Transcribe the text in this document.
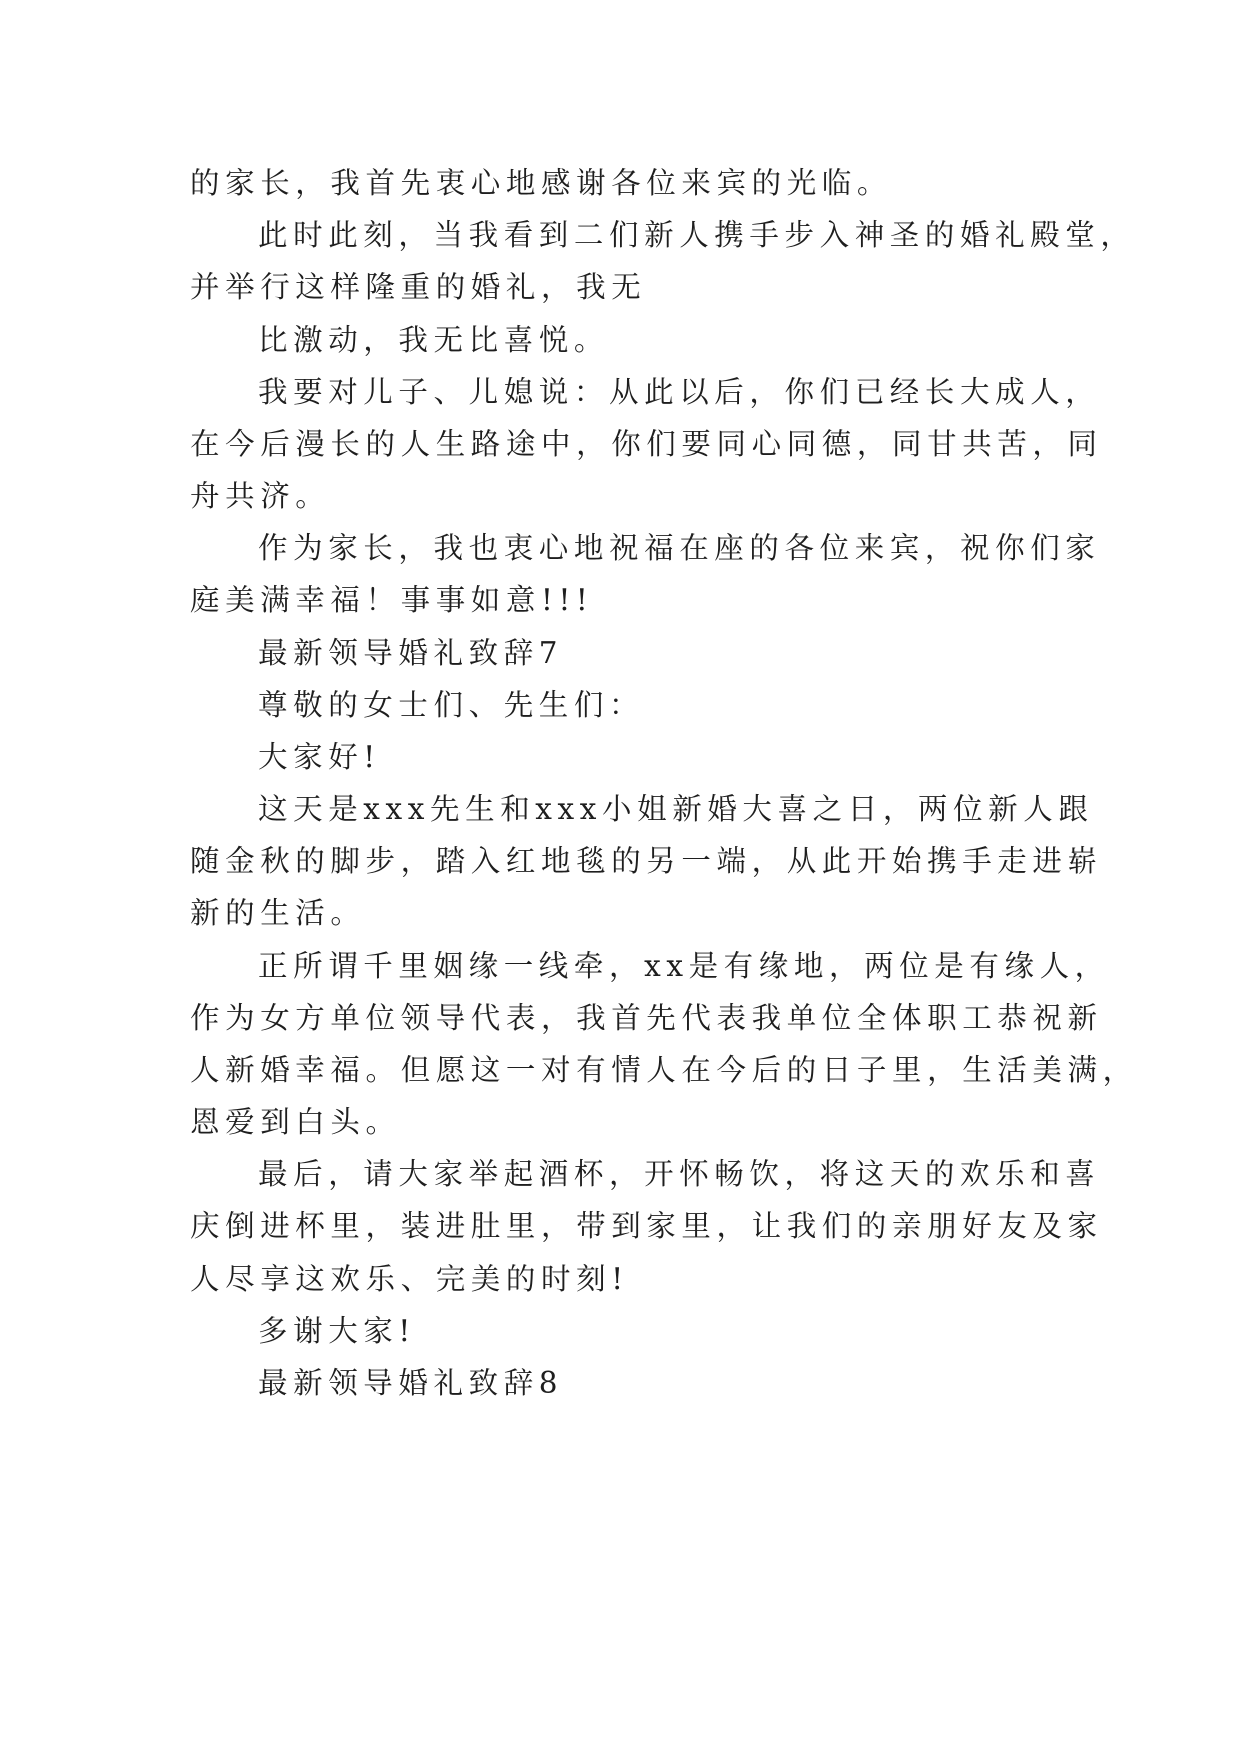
的家长，我首先衷心地感谢各位来宾的光临。
此时此刻，当我看到二们新人携手步入神圣的婚礼殿堂，
并举行这样隆重的婚礼，我无
比激动，我无比喜悦。
我要对儿子、儿媳说：从此以后，你们已经长大成人，
在今后漫长的人生路途中，你们要同心同德，同甘共苦，同
舟共济。
作为家长，我也衷心地祝福在座的各位来宾，祝你们家
庭美满幸福！事事如意!!!
最新领导婚礼致辞7
尊敬的女士们、先生们：
大家好!
这天是xxx先生和xxx小姐新婚大喜之日，两位新人跟
随金秋的脚步，踏入红地毯的另一端，从此开始携手走进崭
新的生活。
正所谓千里姻缘一线牵，xx是有缘地，两位是有缘人，
作为女方单位领导代表，我首先代表我单位全体职工恭祝新
人新婚幸福。但愿这一对有情人在今后的日子里，生活美满，
恩爱到白头。
最后，请大家举起酒杯，开怀畅饮，将这天的欢乐和喜
庆倒进杯里，装进肚里，带到家里，让我们的亲朋好友及家
人尽享这欢乐、完美的时刻!
多谢大家!
最新领导婚礼致辞8
